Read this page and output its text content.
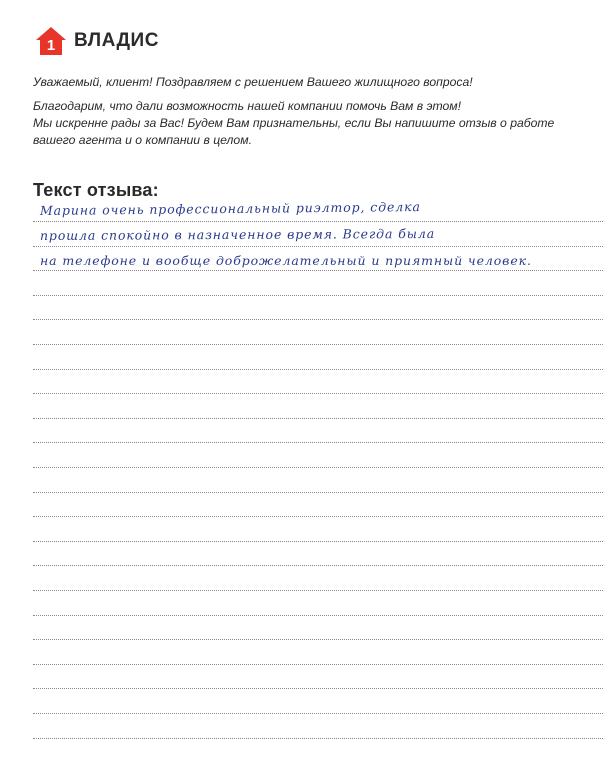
1 ВЛАДИС

Уважаемый, клиент! Поздравляем с решением Вашего жилищного вопроса!

Благодарим, что дали возможность нашей компании помочь Вам в этом!

Мы искренне рады за Вас! Будем Вам признательны, если Вы напишите отзыв о работе

вашего агента и о компании в целом.

Текст отзыва:
Марина очень профессиональный риэлтор, сделка
прошла спокойно в назначенное время. Всегда была
на телефоне и вообще доброжелательный и приятный человек.
